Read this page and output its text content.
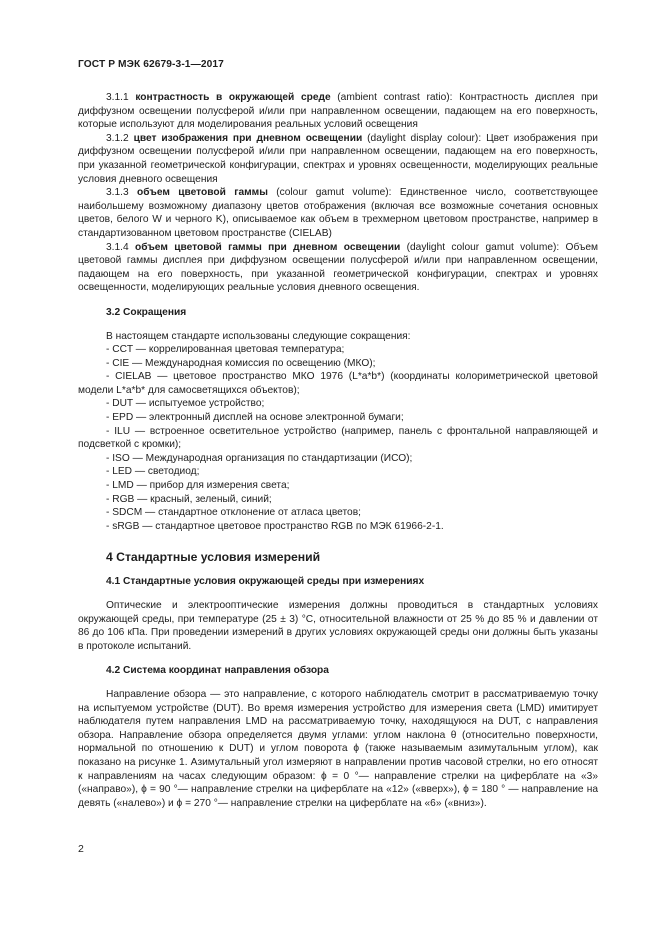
ГОСТ Р МЭК 62679-3-1—2017

3.1.1 контрастность в окружающей среде (ambient contrast ratio): Контрастность дисплея при диффузном освещении полусферой и/или при направленном освещении, падающем на его поверхность, которые используют для моделирования реальных условий освещения

3.1.2 цвет изображения при дневном освещении (daylight display colour): Цвет изображения при диффузном освещении полусферой и/или при направленном освещении, падающем на его поверхность, при указанной геометрической конфигурации, спектрах и уровнях освещенности, моделирующих реальные условия дневного освещения

3.1.3 объем цветовой гаммы (colour gamut volume): Единственное число, соответствующее наибольшему возможному диапазону цветов отображения (включая все возможные сочетания основных цветов, белого W и черного K), описываемое как объем в трехмерном цветовом пространстве, например в стандартизованном цветовом пространстве (CIELAB)

3.1.4 объем цветовой гаммы при дневном освещении (daylight colour gamut volume): Объем цветовой гаммы дисплея при диффузном освещении полусферой и/или при направленном освещении, падающем на его поверхность, при указанной геометрической конфигурации, спектрах и уровнях освещенности, моделирующих реальные условия дневного освещения.

3.2 Сокращения

В настоящем стандарте использованы следующие сокращения:

- CCT — коррелированная цветовая температура;
- CIE — Международная комиссия по освещению (МКО);
- CIELAB — цветовое пространство МКО 1976 (L*a*b*) (координаты колориметрической цветовой модели L*a*b* для самосветящихся объектов);
- DUT — испытуемое устройство;
- EPD — электронный дисплей на основе электронной бумаги;
- ILU — встроенное осветительное устройство (например, панель с фронтальной направляющей и подсветкой с кромки);
- ISO — Международная организация по стандартизации (ИСО);
- LED — светодиод;
- LMD — прибор для измерения света;
- RGB — красный, зеленый, синий;
- SDCM — стандартное отклонение от атласа цветов;
- sRGB — стандартное цветовое пространство RGB по МЭК 61966-2-1.

4 Стандартные условия измерений

4.1 Стандартные условия окружающей среды при измерениях

Оптические и электрооптические измерения должны проводиться в стандартных условиях окружающей среды, при температуре (25 ± 3) °С, относительной влажности от 25 % до 85 % и давлении от 86 до 106 кПа. При проведении измерений в других условиях окружающей среды они должны быть указаны в протоколе испытаний.

4.2 Система координат направления обзора

Направление обзора — это направление, с которого наблюдатель смотрит в рассматриваемую точку на испытуемом устройстве (DUT). Во время измерения устройство для измерения света (LMD) имитирует наблюдателя путем направления LMD на рассматриваемую точку, находящуюся на DUT, с направления обзора. Направление обзора определяется двумя углами: углом наклона θ (относительно поверхности, нормальной по отношению к DUT) и углом поворота ϕ (также называемым азимутальным углом), как показано на рисунке 1. Азимутальный угол измеряют в направлении против часовой стрелки, но его относят к направлениям на часах следующим образом: ϕ = 0 °— направление стрелки на циферблате на «3» («направо»), ϕ = 90 °— направление стрелки на циферблате на «12» («вверх»), ϕ = 180 ° — направление на девять («налево») и ϕ = 270 °— направление стрелки на циферблате на «6» («вниз»).

2
